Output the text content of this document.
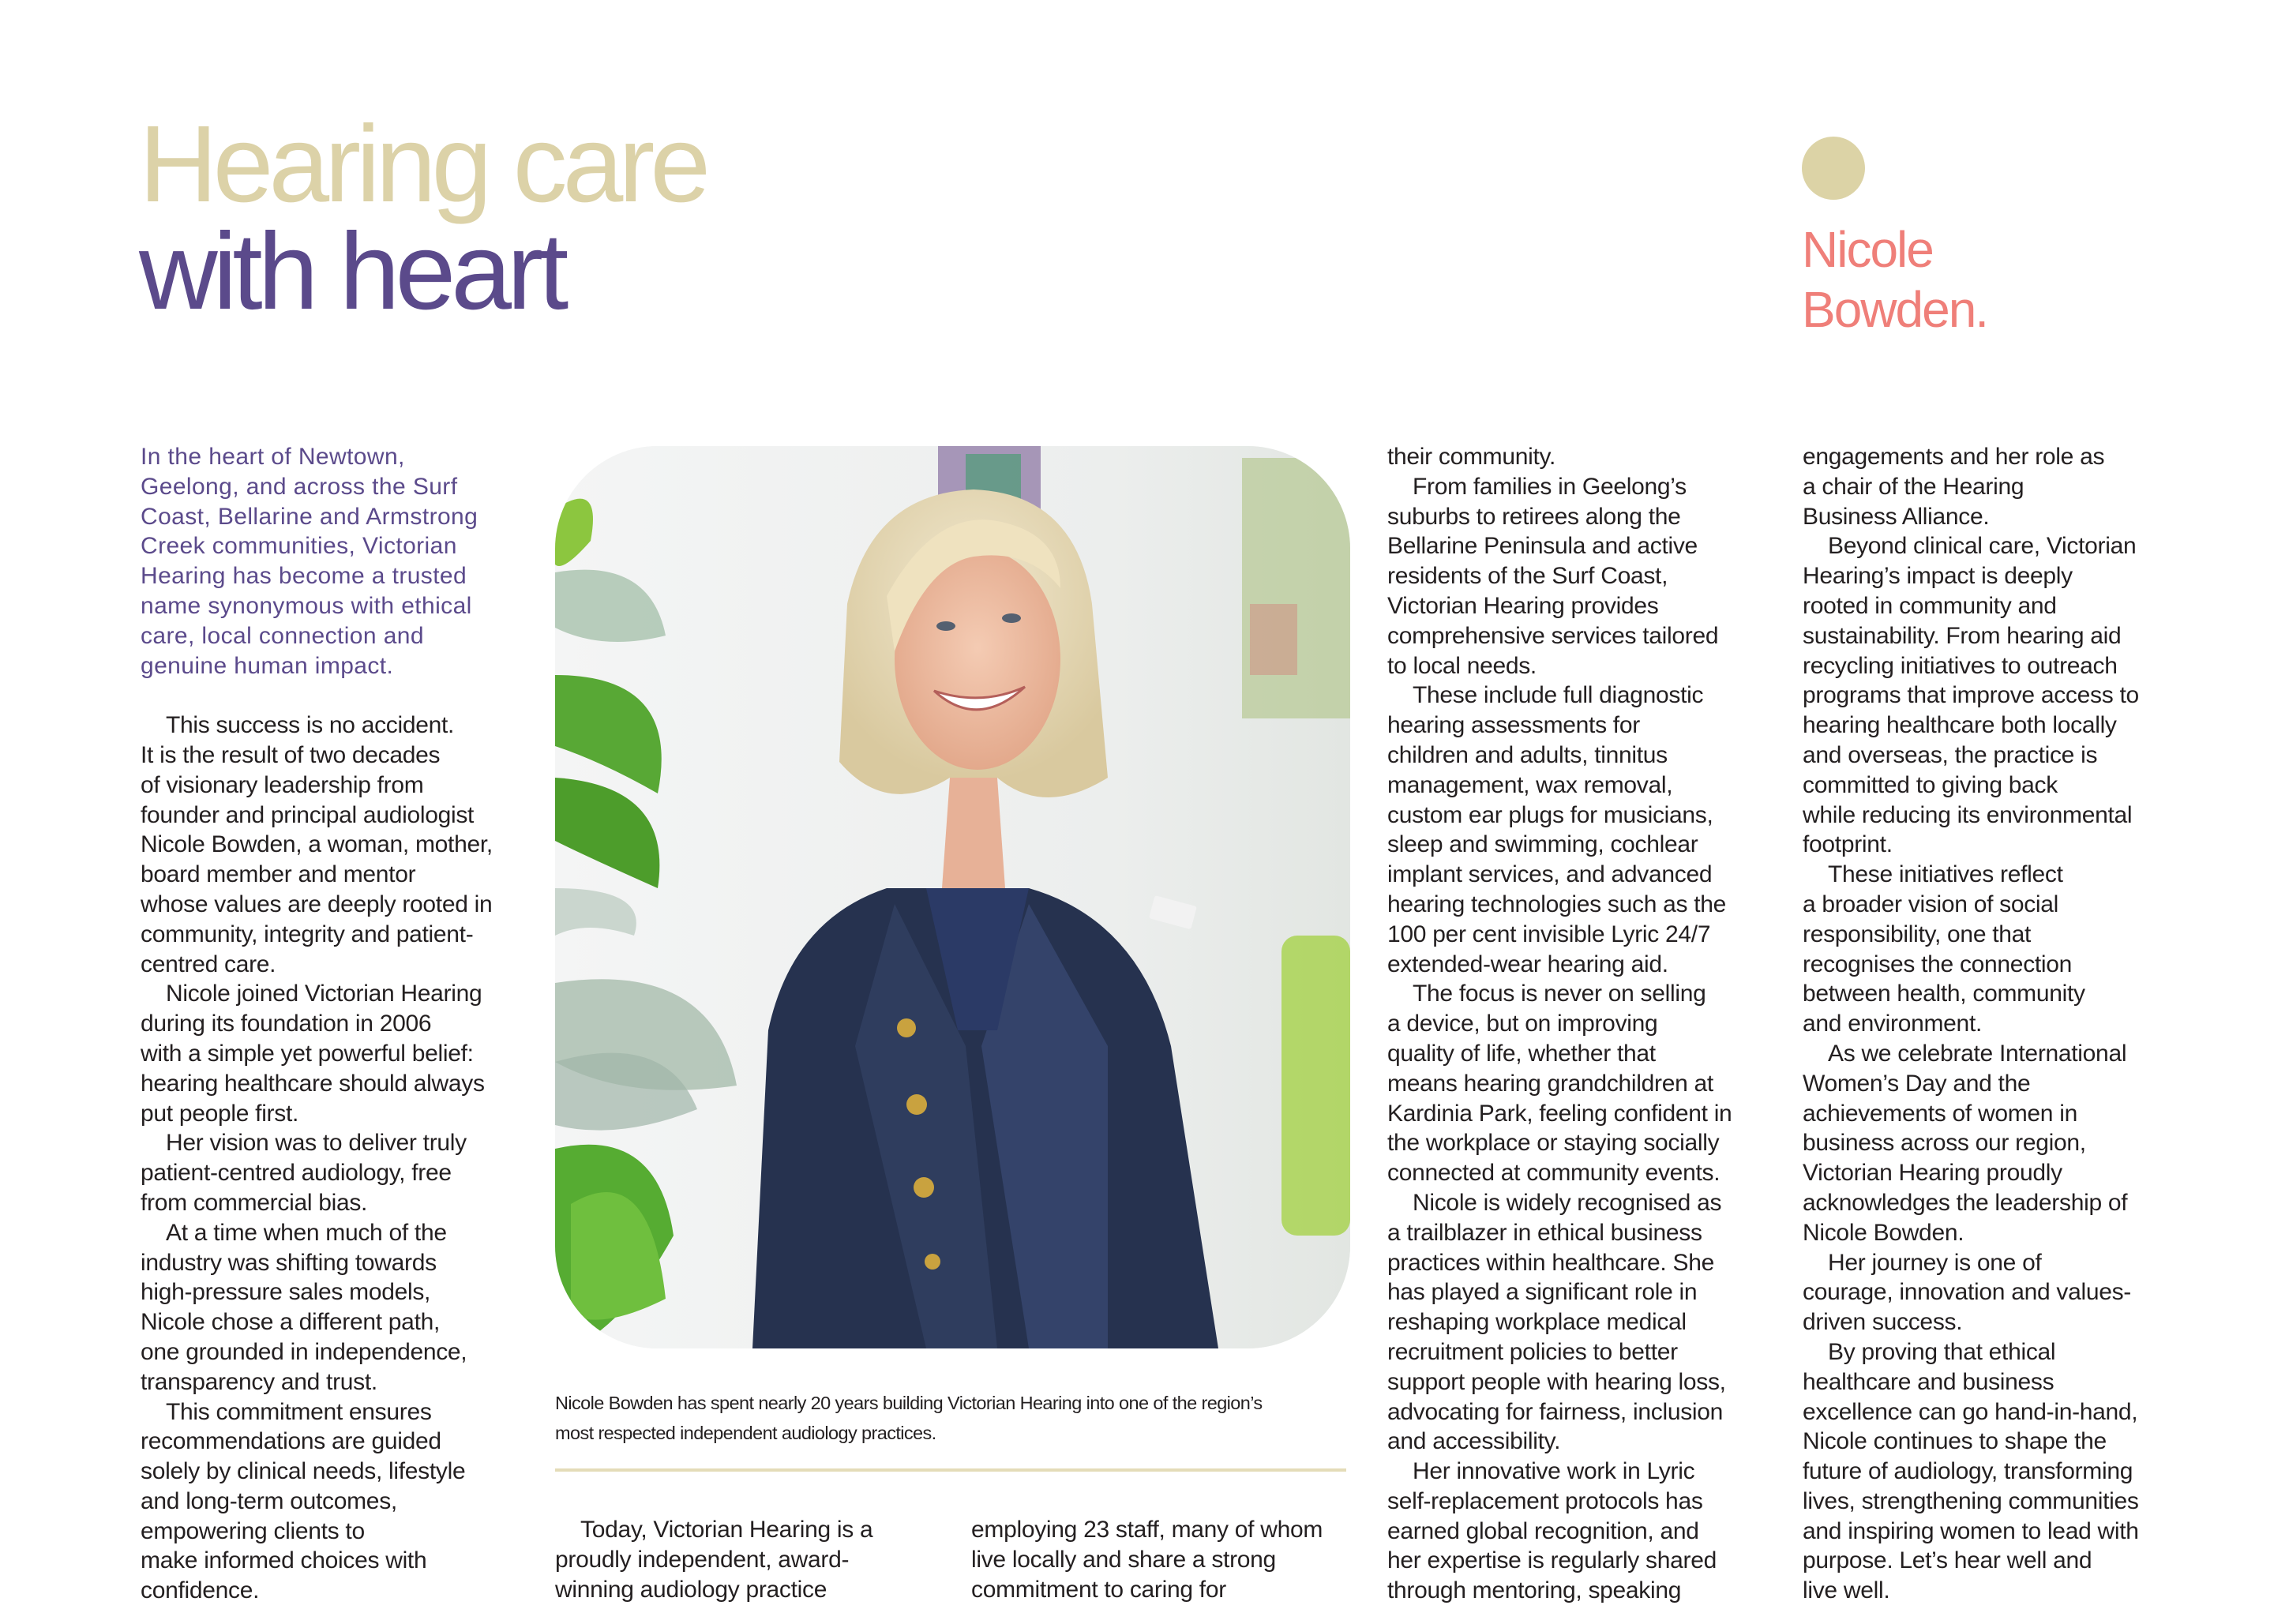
Hearing care
with heart	Nicole
Bowden.

In the heart of Newtown,
Geelong, and across the Surf
Coast, Bellarine and Armstrong
Creek communities, Victorian
Hearing has become a trusted
name synonymous with ethical
care, local connection and
genuine human impact.

This success is no accident.
It is the result of two decades
of visionary leadership from
founder and principal audiologist
Nicole Bowden, a woman, mother,
board member and mentor
whose values are deeply rooted in
community, integrity and patient-
centred care.

Nicole joined Victorian Hearing
during its foundation in 2006
with a simple yet powerful belief:
hearing healthcare should always
put people first.

Her vision was to deliver truly
patient-centred audiology, free
from commercial bias.

At a time when much of the
industry was shifting towards
high-pressure sales models,
Nicole chose a different path,
one grounded in independence,
transparency and trust.

This commitment ensures
recommendations are guided
solely by clinical needs, lifestyle
and long-term outcomes,
empowering clients to
make informed choices with
confidence.

Nicole Bowden has spent nearly 20 years building Victorian Hearing into one of the region’s
most respected independent audiology practices.

Today, Victorian Hearing is a
proudly independent, award-
winning audiology practice

employing 23 staff, many of whom
live locally and share a strong
commitment to caring for

their community.

From families in Geelong’s
suburbs to retirees along the
Bellarine Peninsula and active
residents of the Surf Coast,
Victorian Hearing provides
comprehensive services tailored
to local needs.

These include full diagnostic
hearing assessments for
children and adults, tinnitus
management, wax removal,
custom ear plugs for musicians,
sleep and swimming, cochlear
implant services, and advanced
hearing technologies such as the
100 per cent invisible Lyric 24/7
extended-wear hearing aid.

The focus is never on selling
a device, but on improving
quality of life, whether that
means hearing grandchildren at
Kardinia Park, feeling confident in
the workplace or staying socially
connected at community events.

Nicole is widely recognised as
a trailblazer in ethical business
practices within healthcare. She
has played a significant role in
reshaping workplace medical
recruitment policies to better
support people with hearing loss,
advocating for fairness, inclusion
and accessibility.

Her innovative work in Lyric
self-replacement protocols has
earned global recognition, and
her expertise is regularly shared
through mentoring, speaking

engagements and her role as
a chair of the Hearing
Business Alliance.

Beyond clinical care, Victorian
Hearing’s impact is deeply
rooted in community and
sustainability. From hearing aid
recycling initiatives to outreach
programs that improve access to
hearing healthcare both locally
and overseas, the practice is
committed to giving back
while reducing its environmental
footprint.

These initiatives reflect
a broader vision of social
responsibility, one that
recognises the connection
between health, community
and environment.

As we celebrate International
Women’s Day and the
achievements of women in
business across our region,
Victorian Hearing proudly
acknowledges the leadership of
Nicole Bowden.

Her journey is one of
courage, innovation and values-
driven success.

By proving that ethical
healthcare and business
excellence can go hand-in-hand,
Nicole continues to shape the
future of audiology, transforming
lives, strengthening communities
and inspiring women to lead with
purpose. Let’s hear well and
live well.
